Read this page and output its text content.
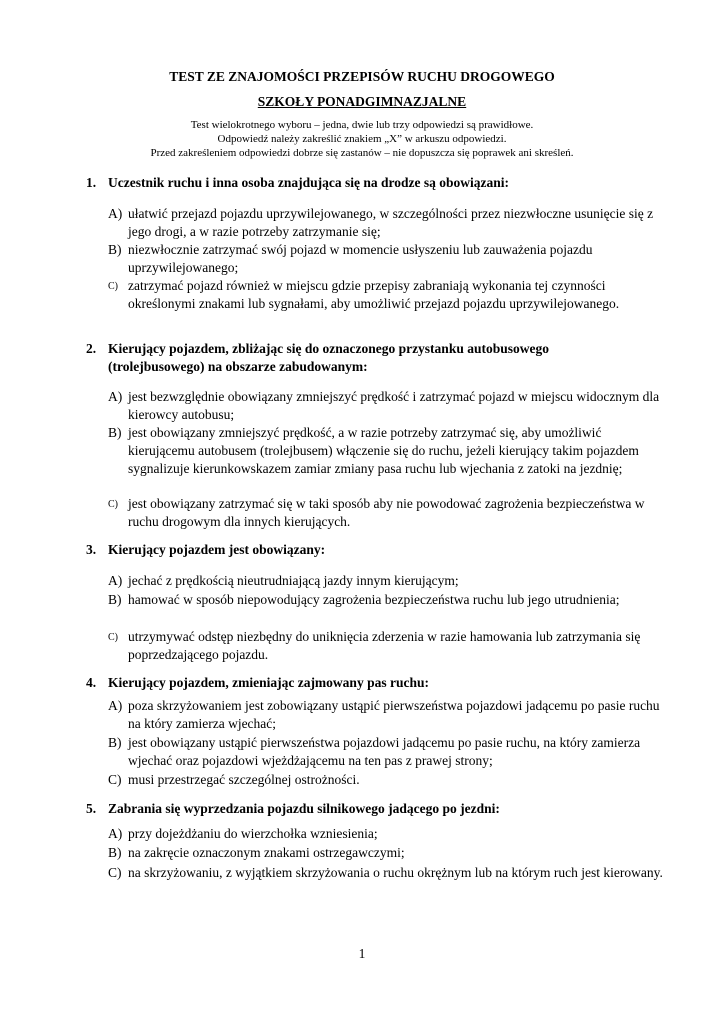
TEST ZE ZNAJOMOŚCI PRZEPISÓW RUCHU DROGOWEGO
SZKOŁY PONADGIMNAZJALNE

Test wielokrotnego wyboru – jedna, dwie lub trzy odpowiedzi są prawidłowe.

Odpowiedź należy zakreślić znakiem „X” w arkuszu odpowiedzi.

Przed zakreśleniem odpowiedzi dobrze się zastanów – nie dopuszcza się poprawek ani skreśleń.

1. Uczestnik ruchu i inna osoba znajdująca się na drodze są obowiązani:
A) ułatwić przejazd pojazdu uprzywilejowanego, w szczególności przez niezwłoczne usunięcie się z jego drogi, a w razie potrzeby zatrzymanie się;
B) niezwłocznie zatrzymać swój pojazd w momencie usłyszeniu lub zauważenia pojazdu uprzywilejowanego;
C) zatrzymać pojazd również w miejscu gdzie przepisy zabraniają wykonania tej czynności określonymi znakami lub sygnałami, aby umożliwić przejazd pojazdu uprzywilejowanego.
2. Kierujący pojazdem, zbliżając się do oznaczonego przystanku autobusowego (trolejbusowego) na obszarze zabudowanym:
A) jest bezwzględnie obowiązany zmniejszyć prędkość i zatrzymać pojazd w miejscu widocznym dla kierowcy autobusu;
B) jest obowiązany zmniejszyć prędkość, a w razie potrzeby zatrzymać się, aby umożliwić kierującemu autobusem (trolejbusem) włączenie się do ruchu, jeżeli kierujący takim pojazdem sygnalizuje kierunkowskazem zamiar zmiany pasa ruchu lub wjechania z zatoki na jezdnię;
C) jest obowiązany zatrzymać się w taki sposób aby nie powodować zagrożenia bezpieczeństwa w ruchu drogowym dla innych kierujących.
3. Kierujący pojazdem jest obowiązany:
A) jechać z prędkością nieutrudniającą jazdy innym kierującym;
B) hamować w sposób niepowodujący zagrożenia bezpieczeństwa ruchu lub jego utrudnienia;
C) utrzymywać odstęp niezbędny do uniknięcia zderzenia w razie hamowania lub zatrzymania się poprzedzającego pojazdu.
4. Kierujący pojazdem, zmieniając zajmowany pas ruchu:
A) poza skrzyżowaniem jest zobowiązany ustąpić pierwszeństwa pojazdowi jadącemu po pasie ruchu na który zamierza wjechać;
B) jest obowiązany ustąpić pierwszeństwa pojazdowi jadącemu po pasie ruchu, na który zamierza wjechać oraz pojazdowi wjeżdżającemu na ten pas z prawej strony;
C) musi przestrzegać szczególnej ostrożności.
5. Zabrania się wyprzedzania pojazdu silnikowego jadącego po jezdni:
A) przy dojeżdżaniu do wierzchołka wzniesienia;
B) na zakręcie oznaczonym znakami ostrzegawczymi;
C) na skrzyżowaniu, z wyjątkiem skrzyżowania o ruchu okrężnym lub na którym ruch jest kierowany.
1
